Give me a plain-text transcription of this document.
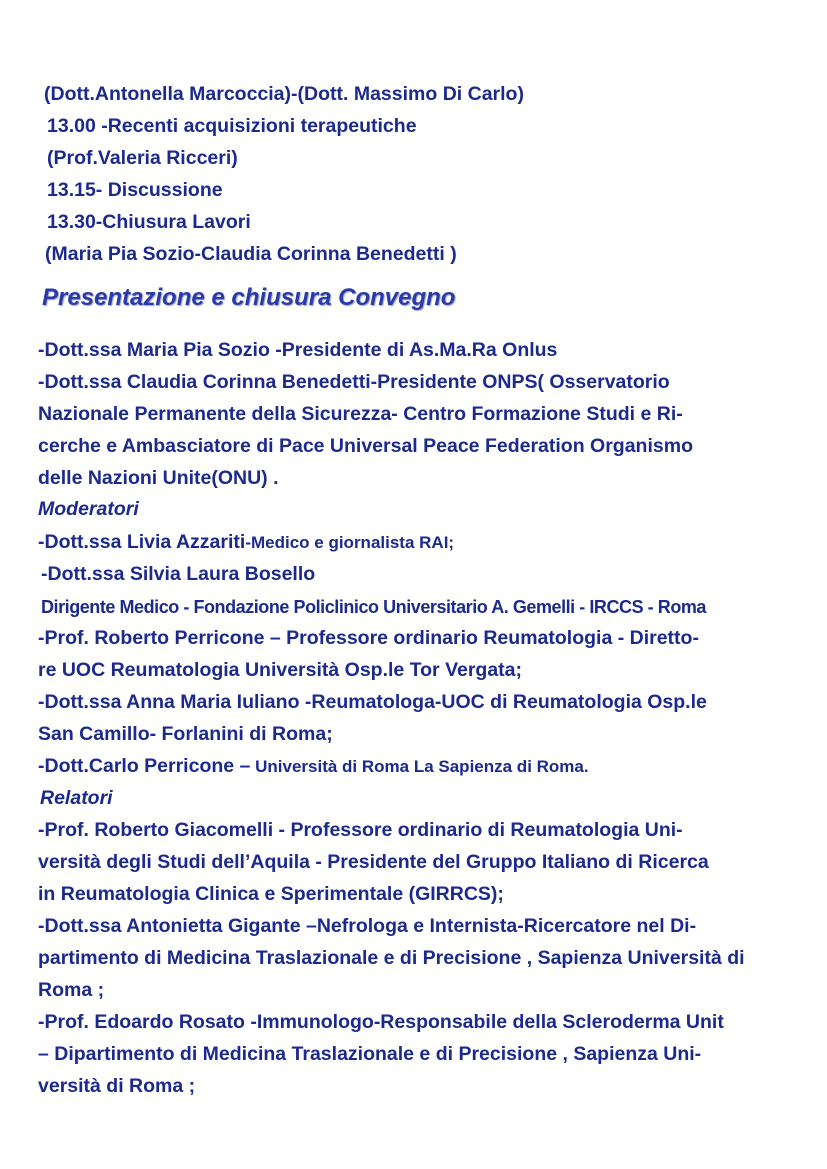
(Dott.Antonella Marcoccia)-(Dott. Massimo Di Carlo)
13.00 -Recenti acquisizioni terapeutiche
(Prof.Valeria Ricceri)
13.15- Discussione
13.30-Chiusura Lavori
(Maria Pia Sozio-Claudia Corinna Benedetti )
Presentazione e chiusura Convegno
-Dott.ssa Maria Pia Sozio -Presidente di As.Ma.Ra Onlus
-Dott.ssa Claudia Corinna Benedetti-Presidente ONPS( Osservatorio
Nazionale Permanente della Sicurezza- Centro Formazione Studi e Ri-
cerche e Ambasciatore di Pace Universal Peace Federation Organismo
delle Nazioni Unite(ONU) .
Moderatori
-Dott.ssa Livia Azzariti-Medico e giornalista RAI;
-Dott.ssa Silvia Laura Bosello
Dirigente Medico - Fondazione Policlinico Universitario A. Gemelli - IRCCS - Roma
-Prof. Roberto Perricone – Professore ordinario Reumatologia - Diretto-
re UOC Reumatologia Università Osp.le Tor Vergata;
-Dott.ssa Anna Maria Iuliano -Reumatologa-UOC di Reumatologia Osp.le
San Camillo- Forlanini di Roma;
-Dott.Carlo Perricone – Università di Roma La Sapienza di Roma.
Relatori
-Prof. Roberto Giacomelli - Professore ordinario di Reumatologia Uni-
versità degli Studi dell’Aquila - Presidente del Gruppo Italiano di Ricerca
in Reumatologia Clinica e Sperimentale (GIRRCS);
-Dott.ssa Antonietta Gigante –Nefrologa e Internista-Ricercatore nel Di-
partimento di Medicina Traslazionale e di Precisione , Sapienza Università di
Roma ;
-Prof. Edoardo Rosato -Immunologo-Responsabile della Scleroderma Unit
– Dipartimento di Medicina Traslazionale e di Precisione , Sapienza Uni-
versità di Roma ;
